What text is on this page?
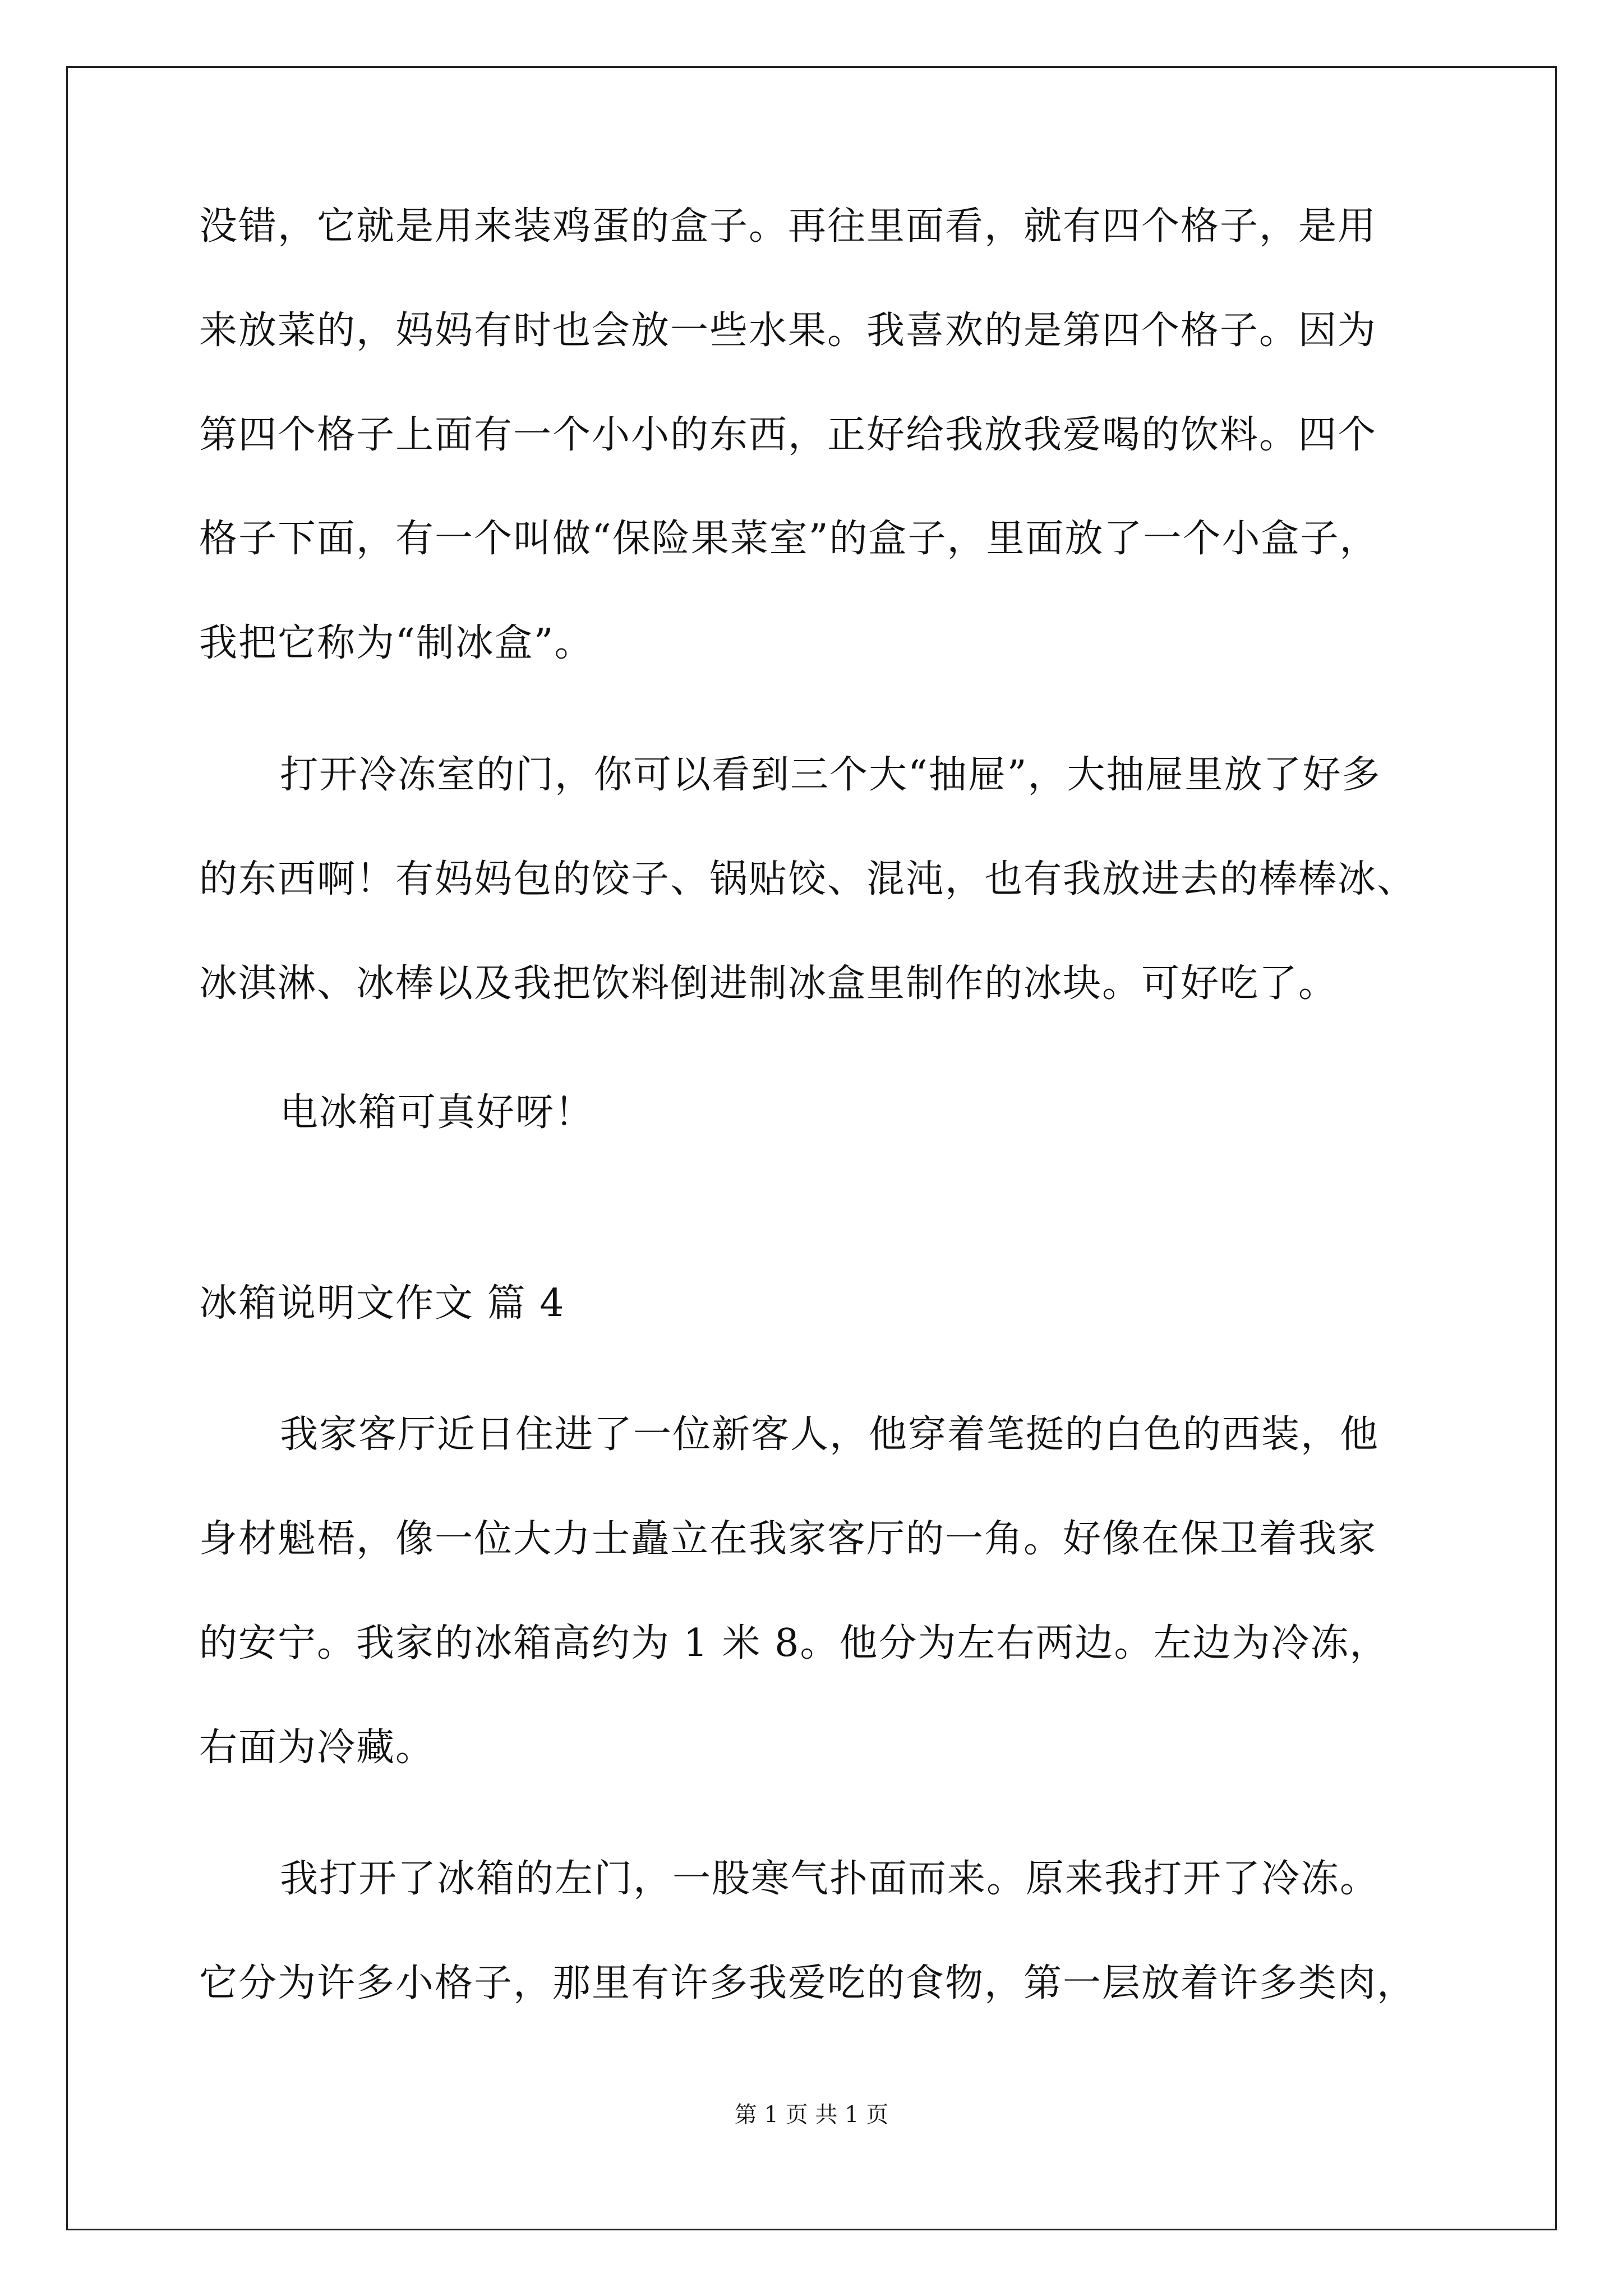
没错，它就是用来装鸡蛋的盒子。再往里面看，就有四个格子，是用
来放菜的，妈妈有时也会放一些水果。我喜欢的是第四个格子。因为
第四个格子上面有一个小小的东西，正好给我放我爱喝的饮料。四个
格子下面，有一个叫做“保险果菜室”的盒子，里面放了一个小盒子，
我把它称为“制冰盒”。
打开冷冻室的门，你可以看到三个大“抽屉”，大抽屉里放了好多
的东西啊！有妈妈包的饺子、锅贴饺、混沌，也有我放进去的棒棒冰、
冰淇淋、冰棒以及我把饮料倒进制冰盒里制作的冰块。可好吃了。
电冰箱可真好呀！
冰箱说明文作文 篇 4
我家客厅近日住进了一位新客人，他穿着笔挺的白色的西装，他
身材魁梧，像一位大力士矗立在我家客厅的一角。好像在保卫着我家
的安宁。我家的冰箱高约为 1 米 8。他分为左右两边。左边为冷冻，
右面为冷藏。
我打开了冰箱的左门，一股寒气扑面而来。原来我打开了冷冻。
它分为许多小格子，那里有许多我爱吃的食物，第一层放着许多类肉，
第 1 页 共 1 页
